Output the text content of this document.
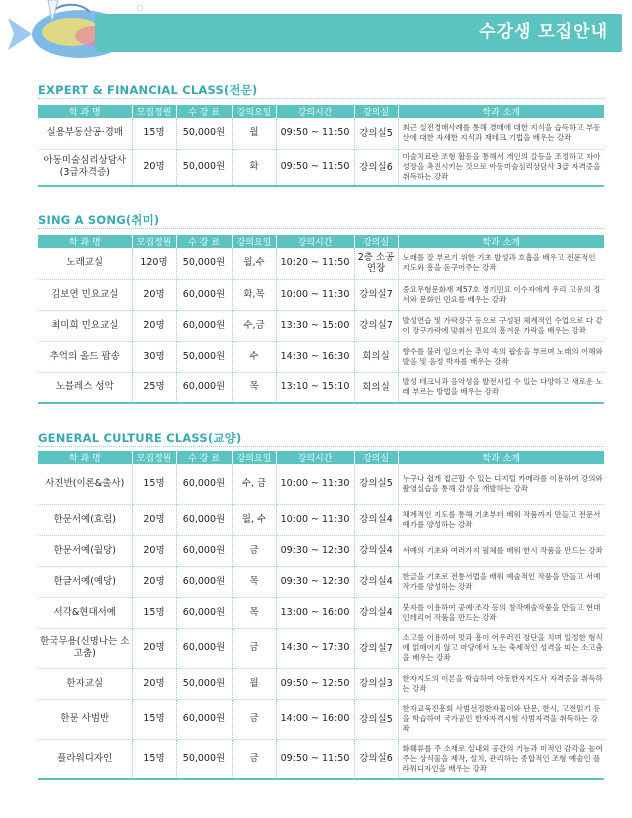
수강생 모집안내
EXPERT & FINANCIAL CLASS(전문)
학 과 명	모집정원	수 강 료	강의요일	강의시간	강의실	학과 소개
실용부동산공·경매	15명	50,000원	월	09:50 ~ 11:50	강의실5	최근 실전경매사례를 통해 경매에 대한 지식을 습득하고 부동산에 대한 자세한 지식과 재테크 기법을 배우는 강좌
아동미술심리상담사(3급자격증)	20명	50,000원	화	09:50 ~ 11:50	강의실6	미술치료란 조형 활동을 통해서 개인의 갈등을 조정하고 자아성장을 촉진시키는 것으로 아동미술심리상담사 3급 자격증을 취득하는 강좌
SING A SONG(취미)
학 과 명	모집정원	수 강 료	강의요일	강의시간	강의실	학과 소개
노래교실	120명	50,000원	월,수	10:20 ~ 11:50	2층 소공연장	노래를 잘 부르기 위한 기초 발성과 호흡을 배우고 전문적인 지도와 흥을 돋구어주는 강좌
김보연 민요교실	20명	60,000원	화,목	10:00 ~ 11:30	강의실7	중요무형문화재 제57호 경기민요 이수자에게 우리 고유의 정서와 문화인 민요를 배우는 강좌
최미희 민요교실	20명	60,000원	수,금	13:30 ~ 15:00	강의실7	발성연습 및 가락장구 등으로 구성된 체계적인 수업으로 다 같이 장구가락에 맞춰서 민요의 흥겨운 가락을 배우는 강좌
추억의 올드 팝송	30명	50,000원	수	14:30 ~ 16:30	회의실	향수를 불러 일으키는 추억 속의 팝송을 부르며 노래의 이해와 발음 및 음정 박자를 배우는 강좌
노블레스 성악	25명	60,000원	목	13:10 ~ 15:10	회의실	발성 테크닉과 음악성을 발전시킬 수 있는 다양하고 새로운 노래 부르는 방법을 배우는 강좌
GENERAL CULTURE CLASS(교양)
학 과 명	모집정원	수 강 료	강의요일	강의시간	강의실	학과 소개
사진반(이론&출사)	15명	60,000원	수, 금	10:00 ~ 11:30	강의실5	누구나 쉽게 접근할 수 있는 디지털 카메라를 이용하여 강의와 촬영실습을 통해 감성을 개발하는 강좌
한문서예(효림)	20명	60,000원	월, 수	10:00 ~ 11:30	강의실4	체계적인 지도를 통해 기초부터 배워 작품까지 만들고 전문서예가를 양성하는 강좌
한문서예(월당)	20명	60,000원	금	09:30 ~ 12:30	강의실4	서예의 기초와 여러가지 필체를 배워 한시 작품을 만드는 강좌
한글서예(예당)	20명	60,000원	목	09:30 ~ 12:30	강의실4	한글을 기초로 전통서법을 배워 예술적인 작품을 만들고 서예작가를 양성하는 강좌
서각&현대서예	15명	60,000원	목	13:00 ~ 16:00	강의실4	붓자를 이용하여 공예·조각 등의 창작예술작품을 만들고 현대인테리어 작품을 만드는 강좌
한국무용(신명나는 소고춤)	20명	60,000원	금	14:30 ~ 17:30	강의실7	소고를 이용하여 멋과 흥이 어우러진 장단을 치며 일정한 형식에 얽매이지 않고 마당에서 노는 축제적인 성격을 띠는 소고춤을 배우는 강좌
한자교실	20명	50,000원	월	09:50 ~ 12:50	강의실3	한자지도의 이론을 학습하여 아동한자지도사 자격증을 취득하는 강좌
한문 사범반	15명	60,000원	금	14:00 ~ 16:00	강의실5	한자교육진흥회 사범선정한자물이와 단문, 한시, 고전읽기 등을 학습하여 국가공인 한자자격시험 사범자격을 취득하는 강좌
플라워디자인	15명	50,000원	금	09:50 ~ 11:50	강의실6	화훼류를 주 소재로 실내외 공간의 기능과 미적인 감각을 높여주는 상식물을 제작, 설치, 관리하는 종합적인 조형 예술인 플라워디자인을 배우는 강좌
